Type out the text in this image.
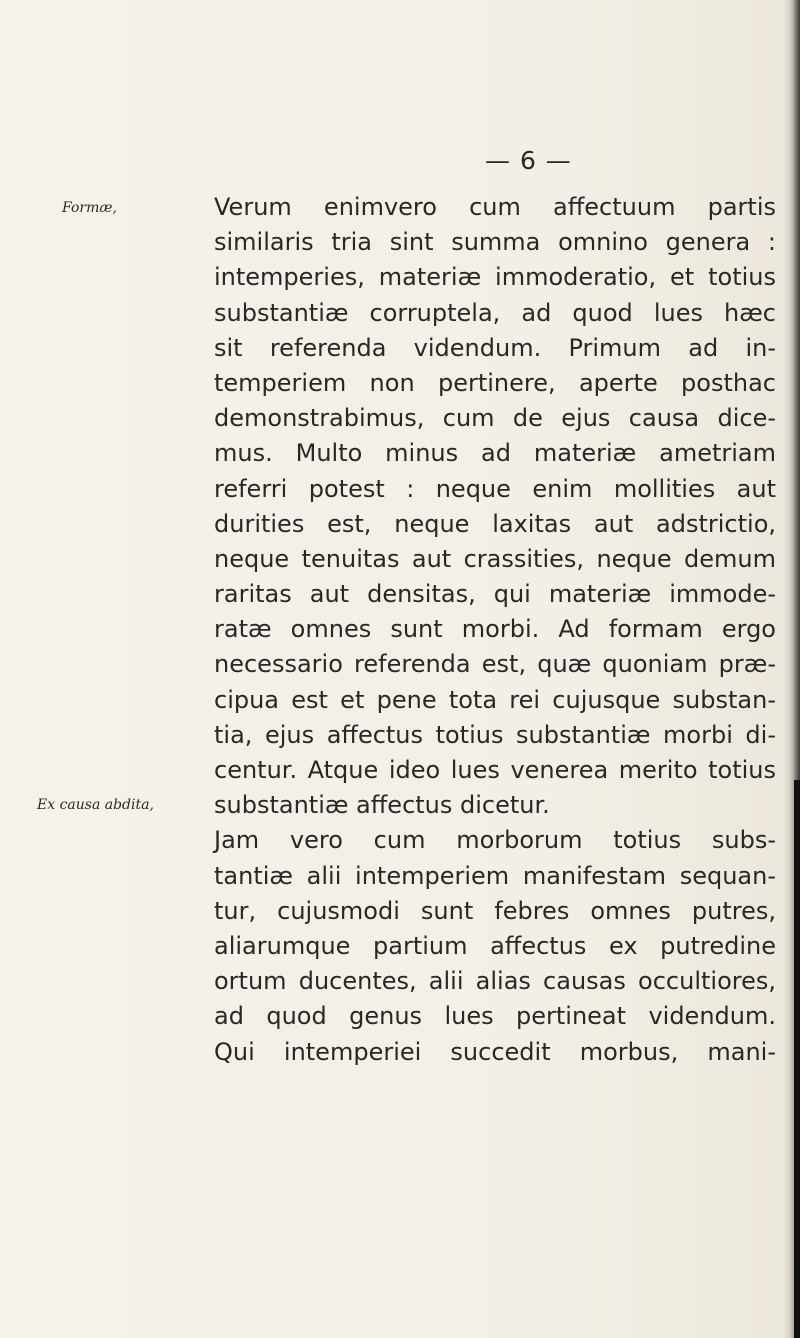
— 6 —
Formæ,
Ex causa abdita,
Verum enimvero cum affectuum partis
similaris tria sint summa omnino genera :
intemperies, materiæ immoderatio, et totius
substantiæ corruptela, ad quod lues hæc
sit referenda videndum. Primum ad in-
temperiem non pertinere, aperte posthac
demonstrabimus, cum de ejus causa dice-
mus. Multo minus ad materiæ ametriam
referri potest : neque enim mollities aut
durities est, neque laxitas aut adstrictio,
neque tenuitas aut crassities, neque demum
raritas aut densitas, qui materiæ immode-
ratæ omnes sunt morbi. Ad formam ergo
necessario referenda est, quæ quoniam præ-
cipua est et pene tota rei cujusque substan-
tia, ejus affectus totius substantiæ morbi di-
centur. Atque ideo lues venerea merito totius
substantiæ affectus dicetur.
Jam vero cum morborum totius subs-
tantiæ alii intemperiem manifestam sequan-
tur, cujusmodi sunt febres omnes putres,
aliarumque partium affectus ex putredine
ortum ducentes, alii alias causas occultiores,
ad quod genus lues pertineat videndum.
Qui intemperiei succedit morbus, mani-
